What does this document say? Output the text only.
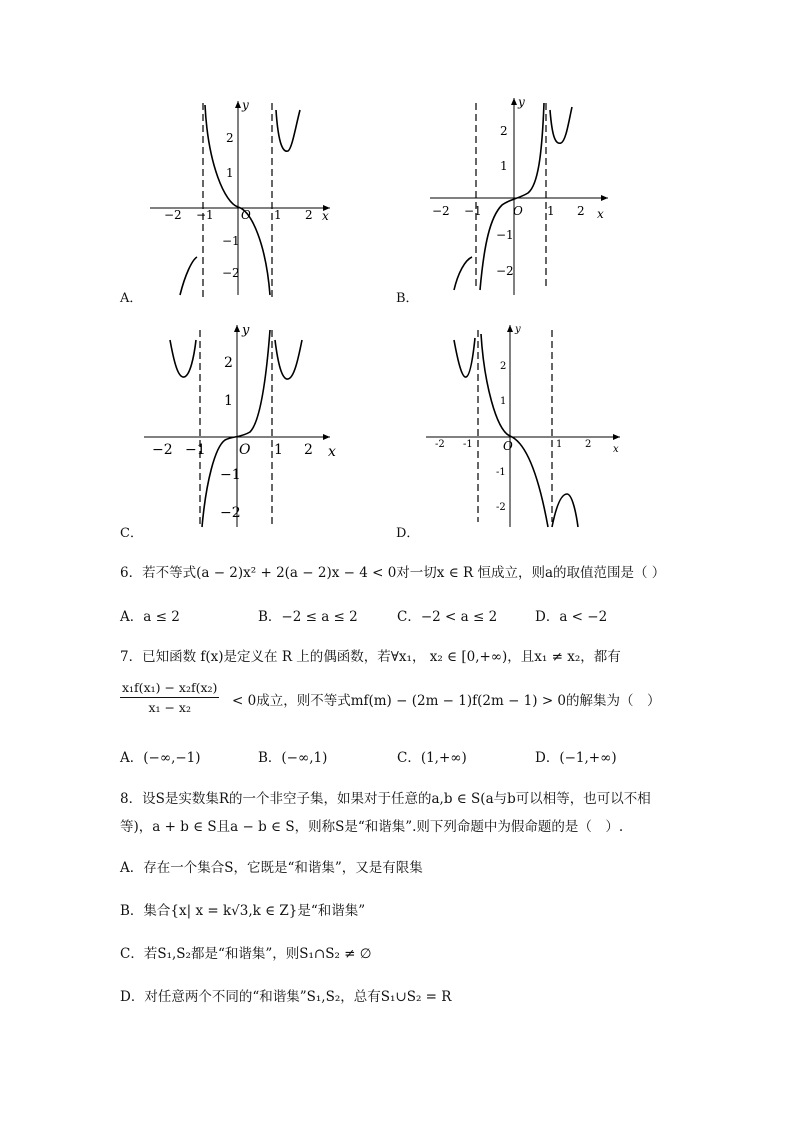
−2 −1 O 1 2 x
y
2
1
−1
−2
A．
−2 −1	O 1 2 x
y
2
1
−1
−2
B．
−2 −1 O 1 2 x
y
2
1
−1
−2
C．
-2 -1	O	1 2 x
y
2
1
-1
-2
D．
6．若不等式(a − 2)x² + 2(a − 2)x − 4 < 0对一切x ∈ R 恒成立，则a的取值范围是（ ）
A．a ≤ 2	B．−2 ≤ a ≤ 2	C．−2 < a ≤ 2	D．a < −2
7．已知函数 f(x)是定义在 R 上的偶函数，若∀x₁， x₂ ∈ [0,+∞)，且x₁ ≠ x₂，都有
$\frac{\text{x₁f(x₁) − x₂f(x₂)}}{\text{x₁ − x₂}} < 0$成立，则不等式mf(m) − (2m − 1)f(2m − 1) > 0的解集为（　）
A．(−∞,−1)	B．(−∞,1)	C．(1,+∞)	D．(−1,+∞)
8．设S是实数集R的一个非空子集，如果对于任意的a,b ∈ S(a与b可以相等，也可以不相
等)，a + b ∈ S且a − b ∈ S，则称S是“和谐集”.则下列命题中为假命题的是（　）.
A．存在一个集合S，它既是“和谐集”，又是有限集
B．集合{x| x = k√3,k ∈ Z}是“和谐集”
C．若S₁,S₂都是“和谐集”，则S₁∩S₂ ≠ ∅
D．对任意两个不同的“和谐集”S₁,S₂，总有S₁∪S₂ = R
